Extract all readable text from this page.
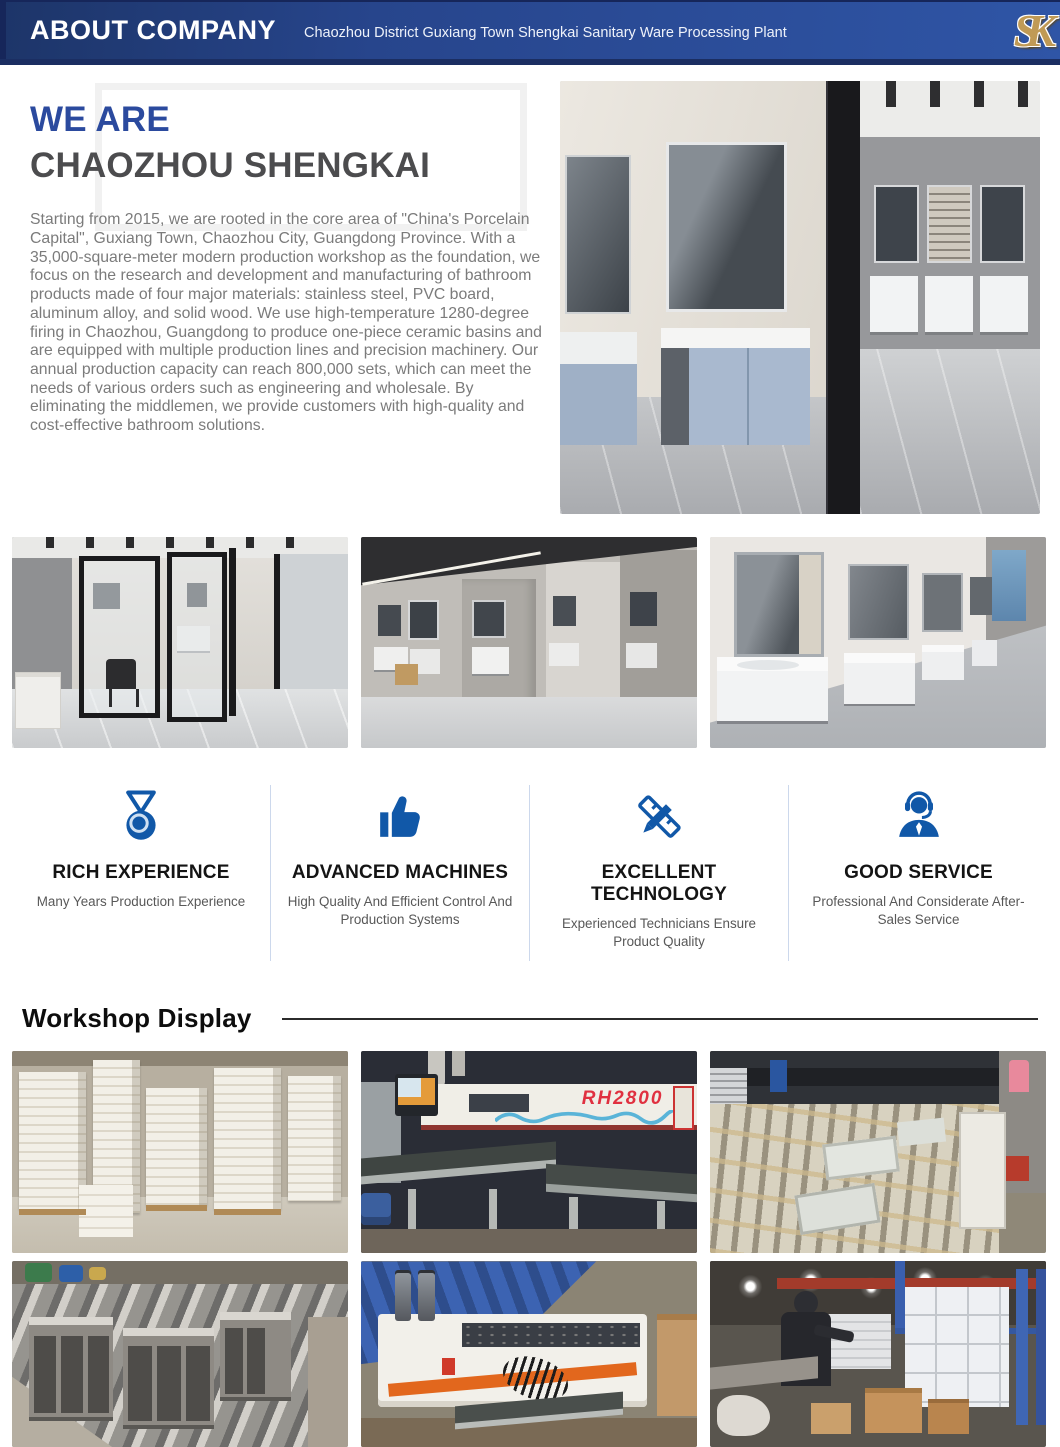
ABOUT COMPANY Chaozhou District Guxiang Town Shengkai Sanitary Ware Processing Plant	SK
WE ARE
CHAOZHOU SHENGKAI
Starting from 2015, we are rooted in the core area of "China's Porcelain Capital", Guxiang Town, Chaozhou City, Guangdong Province. With a 35,000-square-meter modern production workshop as the foundation, we focus on the research and development and manufacturing of bathroom products made of four major materials: stainless steel, PVC board, aluminum alloy, and solid wood. We use high-temperature 1280-degree firing in Chaozhou, Guangdong to produce one-piece ceramic basins and are equipped with multiple production lines and precision machinery. Our annual production capacity can reach 800,000 sets, which can meet the needs of various orders such as engineering and wholesale. By eliminating the middlemen, we provide customers with high-quality and cost-effective bathroom solutions.
RICH EXPERIENCE
Many Years Production Experience
ADVANCED MACHINES
High Quality And Efficient Control And Production Systems
EXCELLENT TECHNOLOGY
Experienced Technicians Ensure Product Quality
GOOD SERVICE
Professional And Considerate After-Sales Service
Workshop Display
RH2800
